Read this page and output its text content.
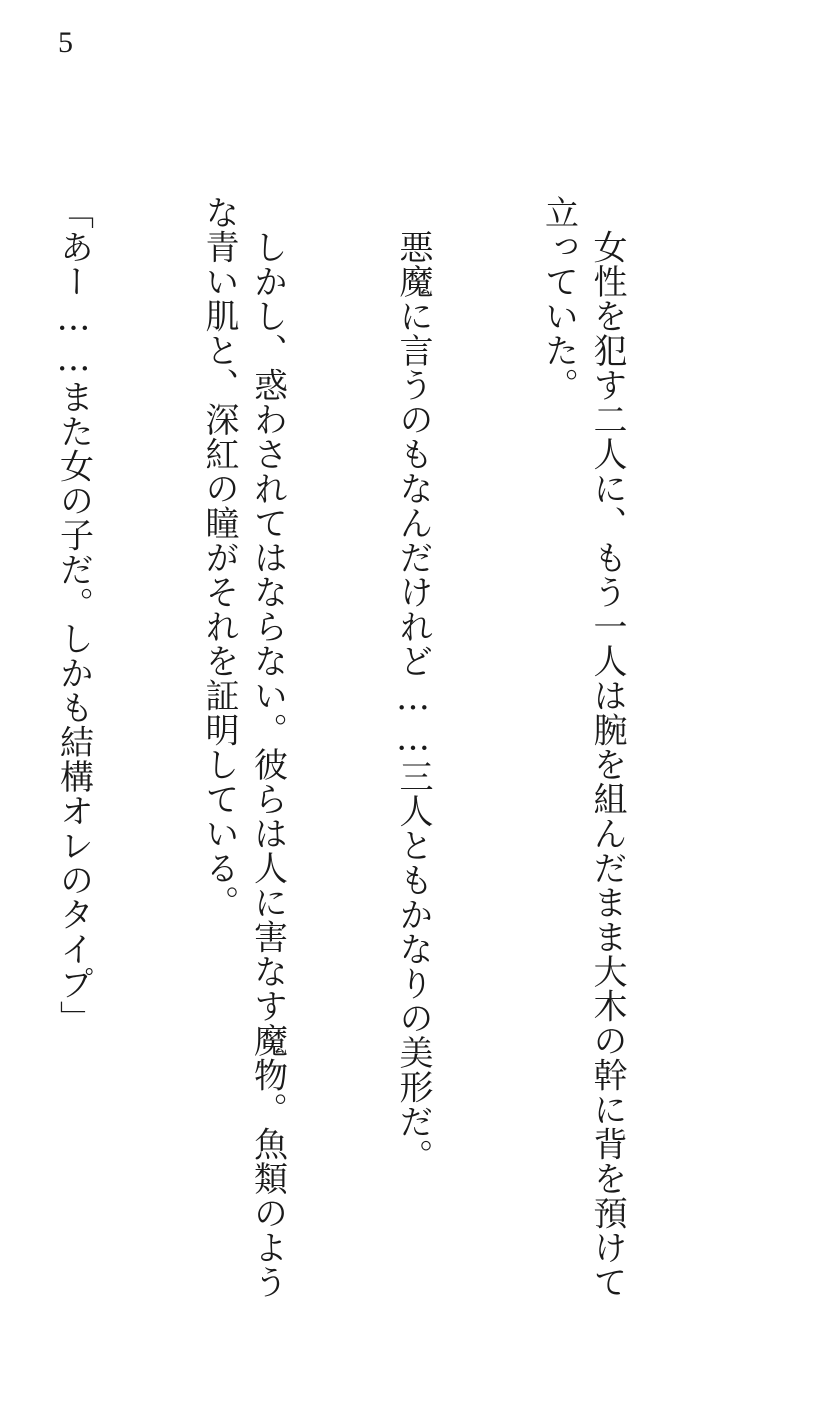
5

　女性を犯す二人に、もう一人は腕を組んだまま大木の幹に背を預けて立っていた。

　悪魔に言うのもなんだけれど……三人ともかなりの美形だ。

　しかし、惑わされてはならない。彼らは人に害なす魔物。魚類のような青い肌と、深紅の瞳がそれを証明している。

「あー……また女の子だ。しかも結構オレのタイプ」
